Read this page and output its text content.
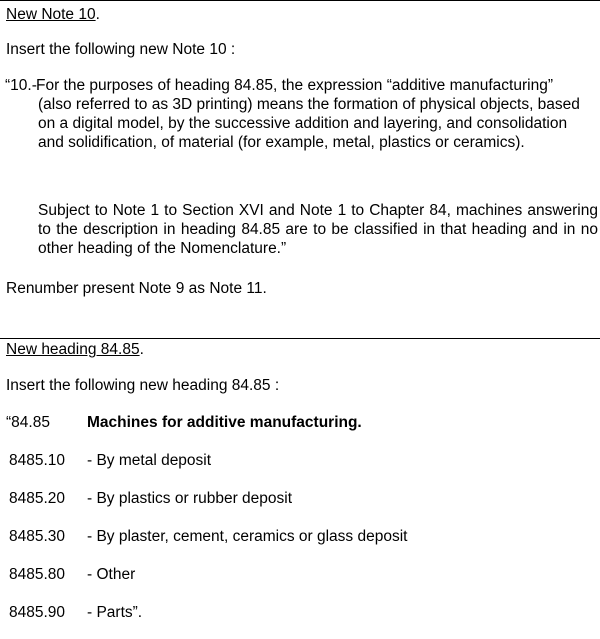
New Note 10.
Insert the following new Note 10 :
“10.- For the purposes of heading 84.85, the expression “additive manufacturing” (also referred to as 3D printing) means the formation of physical objects, based on a digital model, by the successive addition and layering, and consolidation and solidification, of material (for example, metal, plastics or ceramics).
Subject to Note 1 to Section XVI and Note 1 to Chapter 84, machines answering to the description in heading 84.85 are to be classified in that heading and in no other heading of the Nomenclature.”
Renumber present Note 9 as Note 11.
New heading 84.85.
Insert the following new heading 84.85 :
“84.85 Machines for additive manufacturing.
8485.10 - By metal deposit
8485.20 - By plastics or rubber deposit
8485.30 - By plaster, cement, ceramics or glass deposit
8485.80 - Other
8485.90 - Parts”.
